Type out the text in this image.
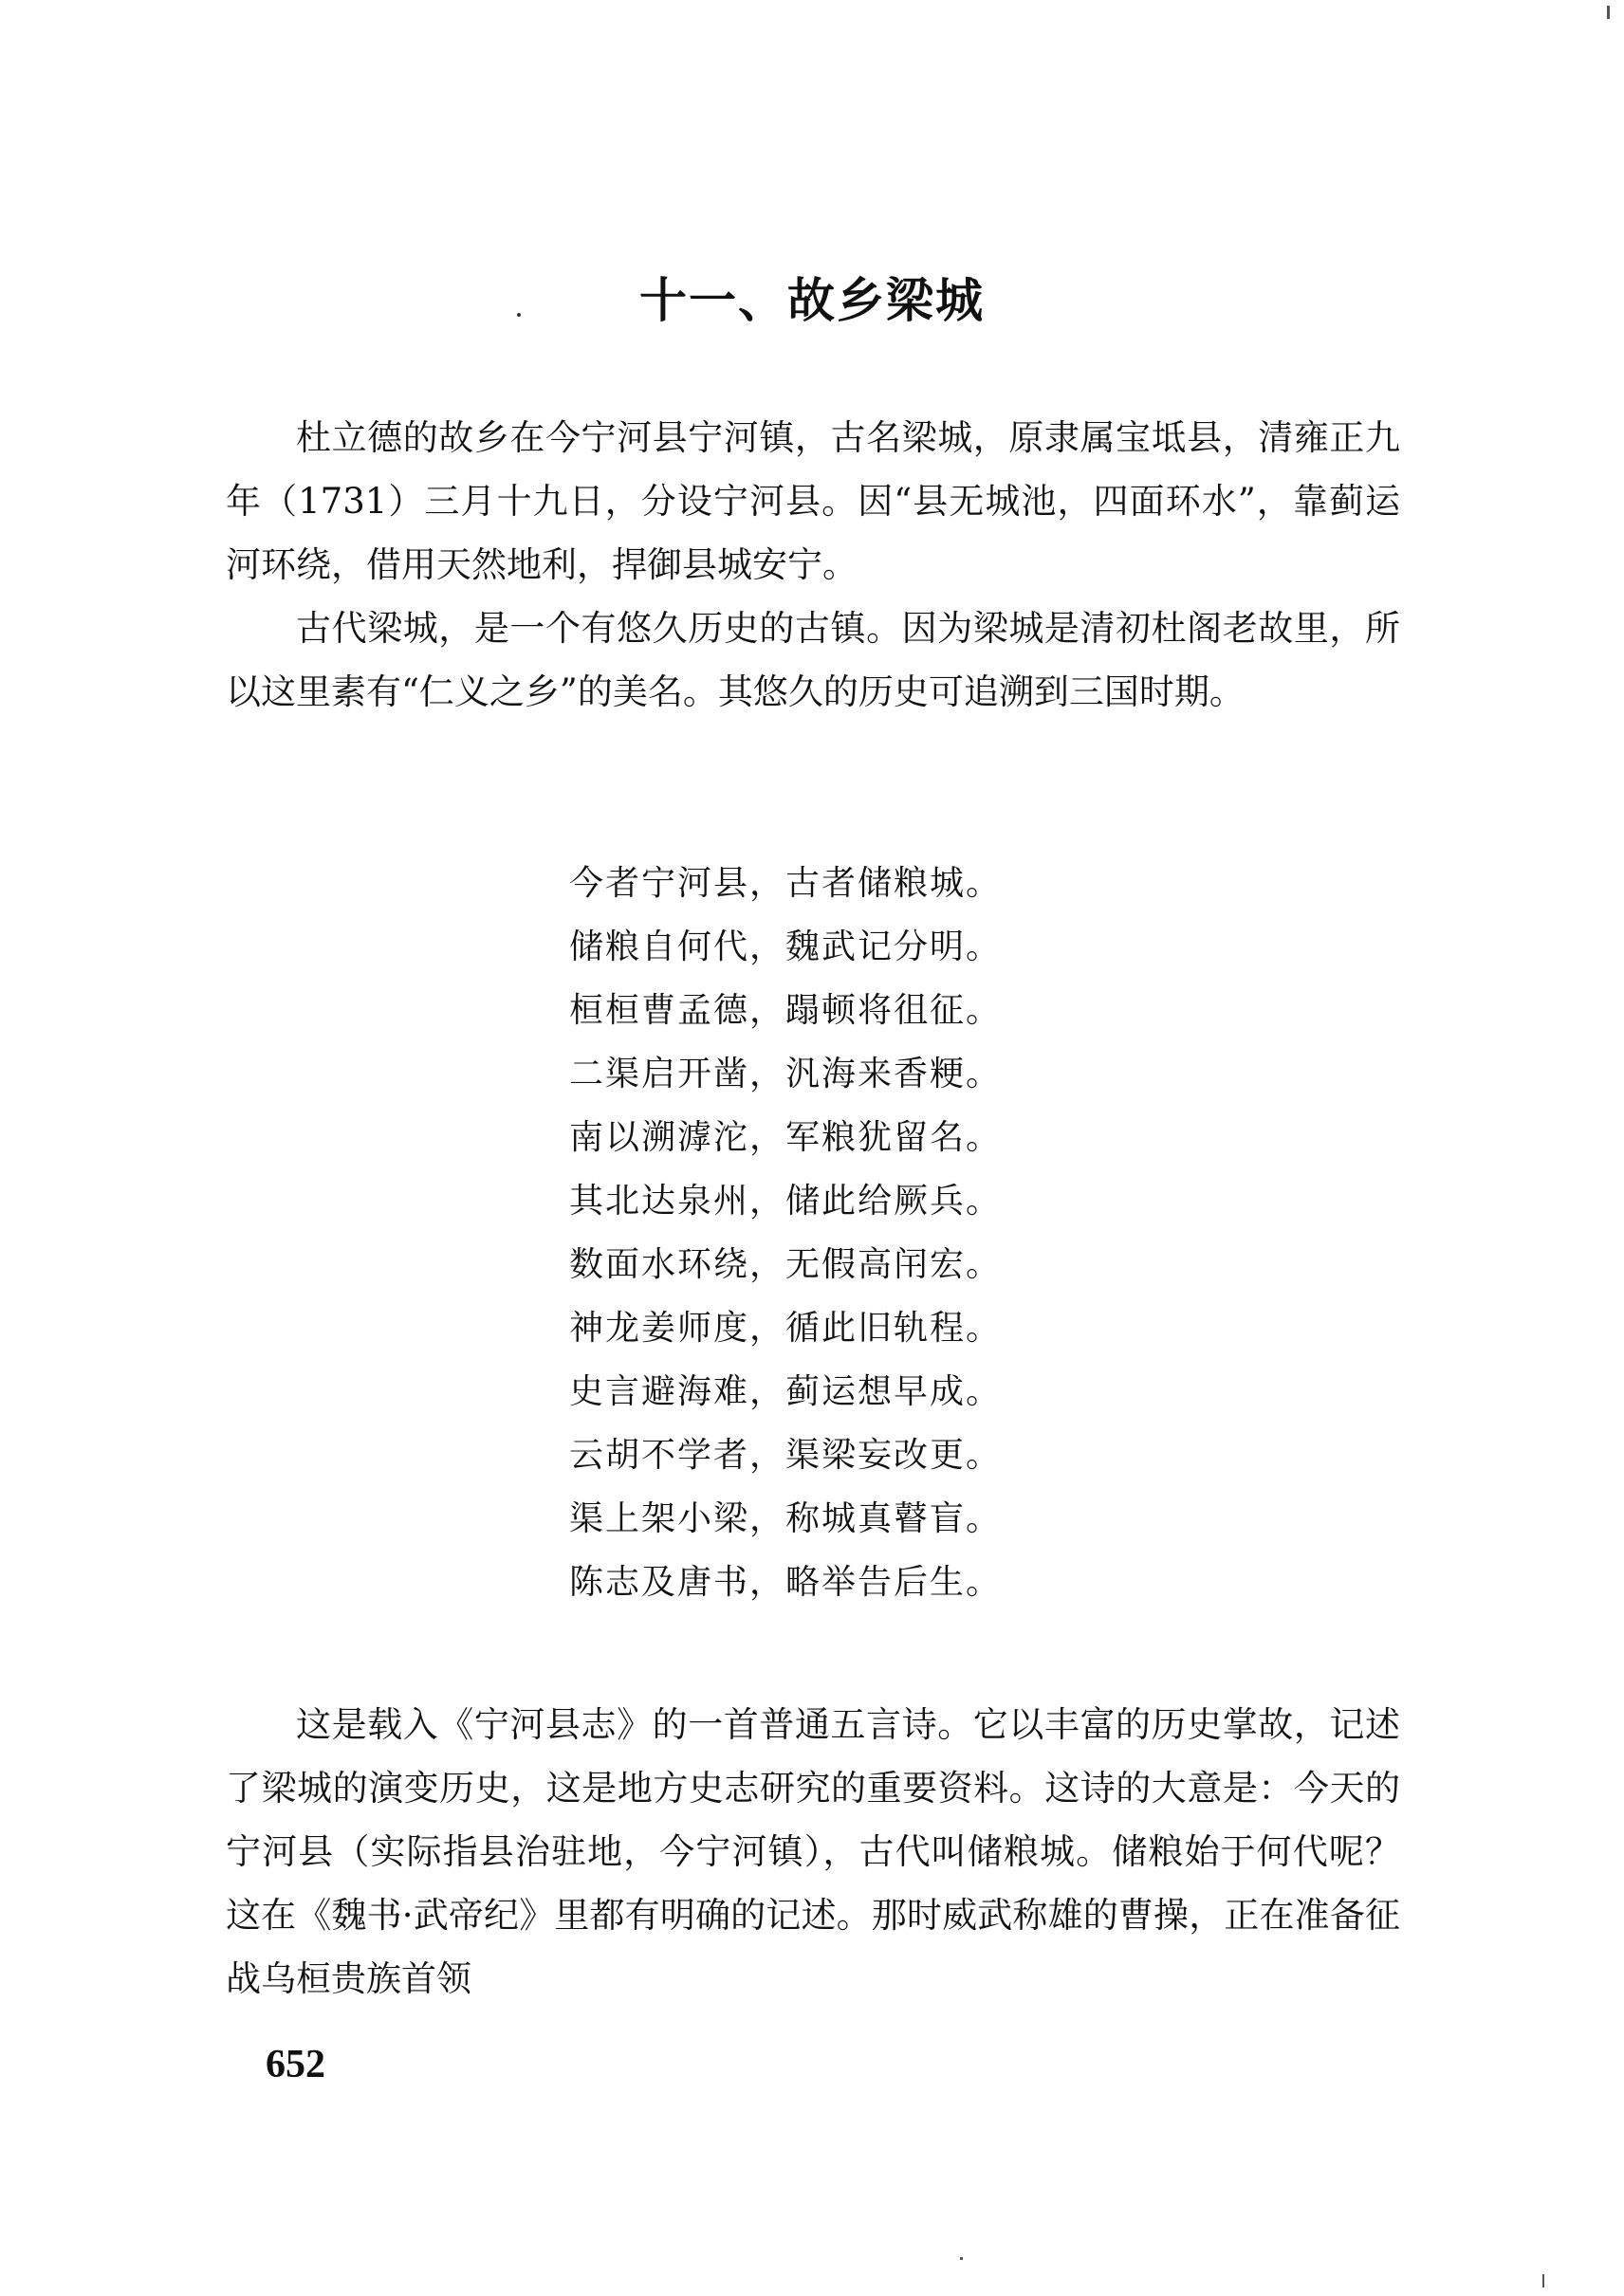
十一、故乡梁城

杜立德的故乡在今宁河县宁河镇，古名梁城，原隶属宝坻县，清雍正九年（1731）三月十九日，分设宁河县。因“县无城池，四面环水”，靠蓟运河环绕，借用天然地利，捍御县城安宁。

古代梁城，是一个有悠久历史的古镇。因为梁城是清初杜阁老故里，所以这里素有“仁义之乡”的美名。其悠久的历史可追溯到三国时期。

今者宁河县，古者储粮城。
储粮自何代，魏武记分明。
桓桓曹孟德，蹋顿将徂征。
二渠启开凿，汎海来香粳。
南以溯滹沱，军粮犹留名。
其北达泉州，储此给厥兵。
数面水环绕，无假高闬宏。
神龙姜师度，循此旧轨程。
史言避海难，蓟运想早成。
云胡不学者，渠梁妄改更。
渠上架小梁，称城真瞽盲。
陈志及唐书，略举告后生。

这是载入《宁河县志》的一首普通五言诗。它以丰富的历史掌故，记述了梁城的演变历史，这是地方史志研究的重要资料。这诗的大意是：今天的宁河县（实际指县治驻地，今宁河镇），古代叫储粮城。储粮始于何代呢？这在《魏书·武帝纪》里都有明确的记述。那时威武称雄的曹操，正在准备征战乌桓贵族首领

652
